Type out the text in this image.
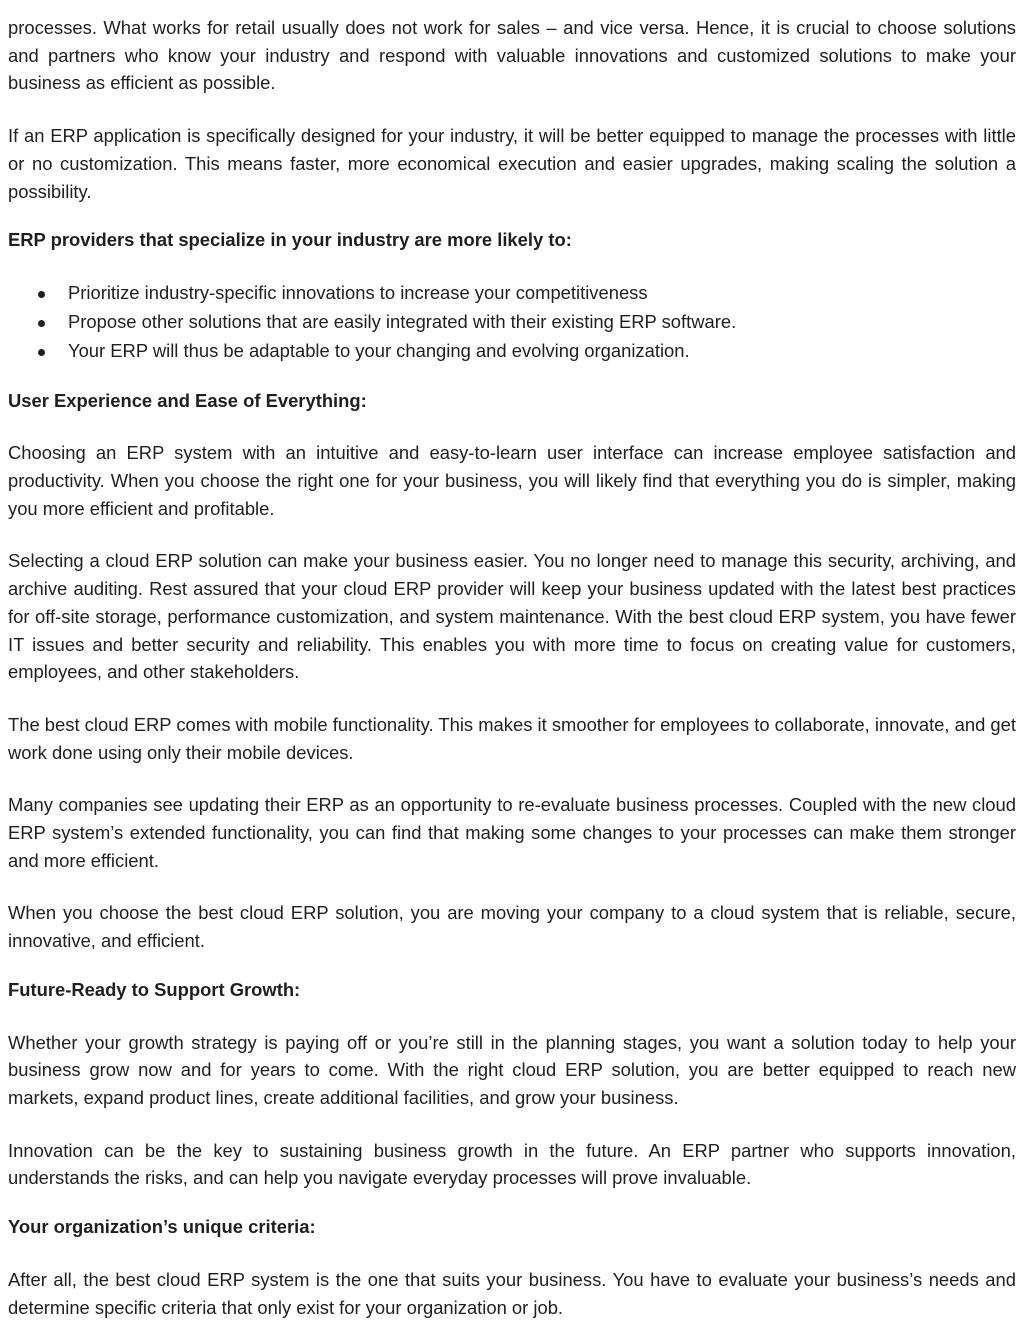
processes. What works for retail usually does not work for sales – and vice versa. Hence, it is crucial to choose solutions and partners who know your industry and respond with valuable innovations and customized solutions to make your business as efficient as possible.

If an ERP application is specifically designed for your industry, it will be better equipped to manage the processes with little or no customization. This means faster, more economical execution and easier upgrades, making scaling the solution a possibility.

ERP providers that specialize in your industry are more likely to:

Prioritize industry-specific innovations to increase your competitiveness
Propose other solutions that are easily integrated with their existing ERP software.
Your ERP will thus be adaptable to your changing and evolving organization.

User Experience and Ease of Everything:

Choosing an ERP system with an intuitive and easy-to-learn user interface can increase employee satisfaction and productivity. When you choose the right one for your business, you will likely find that everything you do is simpler, making you more efficient and profitable.

Selecting a cloud ERP solution can make your business easier. You no longer need to manage this security, archiving, and archive auditing. Rest assured that your cloud ERP provider will keep your business updated with the latest best practices for off-site storage, performance customization, and system maintenance. With the best cloud ERP system, you have fewer IT issues and better security and reliability. This enables you with more time to focus on creating value for customers, employees, and other stakeholders.

The best cloud ERP comes with mobile functionality. This makes it smoother for employees to collaborate, innovate, and get work done using only their mobile devices.

Many companies see updating their ERP as an opportunity to re-evaluate business processes. Coupled with the new cloud ERP system’s extended functionality, you can find that making some changes to your processes can make them stronger and more efficient.

When you choose the best cloud ERP solution, you are moving your company to a cloud system that is reliable, secure, innovative, and efficient.

Future-Ready to Support Growth:

Whether your growth strategy is paying off or you’re still in the planning stages, you want a solution today to help your business grow now and for years to come. With the right cloud ERP solution, you are better equipped to reach new markets, expand product lines, create additional facilities, and grow your business.

Innovation can be the key to sustaining business growth in the future. An ERP partner who supports innovation, understands the risks, and can help you navigate everyday processes will prove invaluable.

Your organization’s unique criteria:

After all, the best cloud ERP system is the one that suits your business. You have to evaluate your business’s needs and determine specific criteria that only exist for your organization or job.
